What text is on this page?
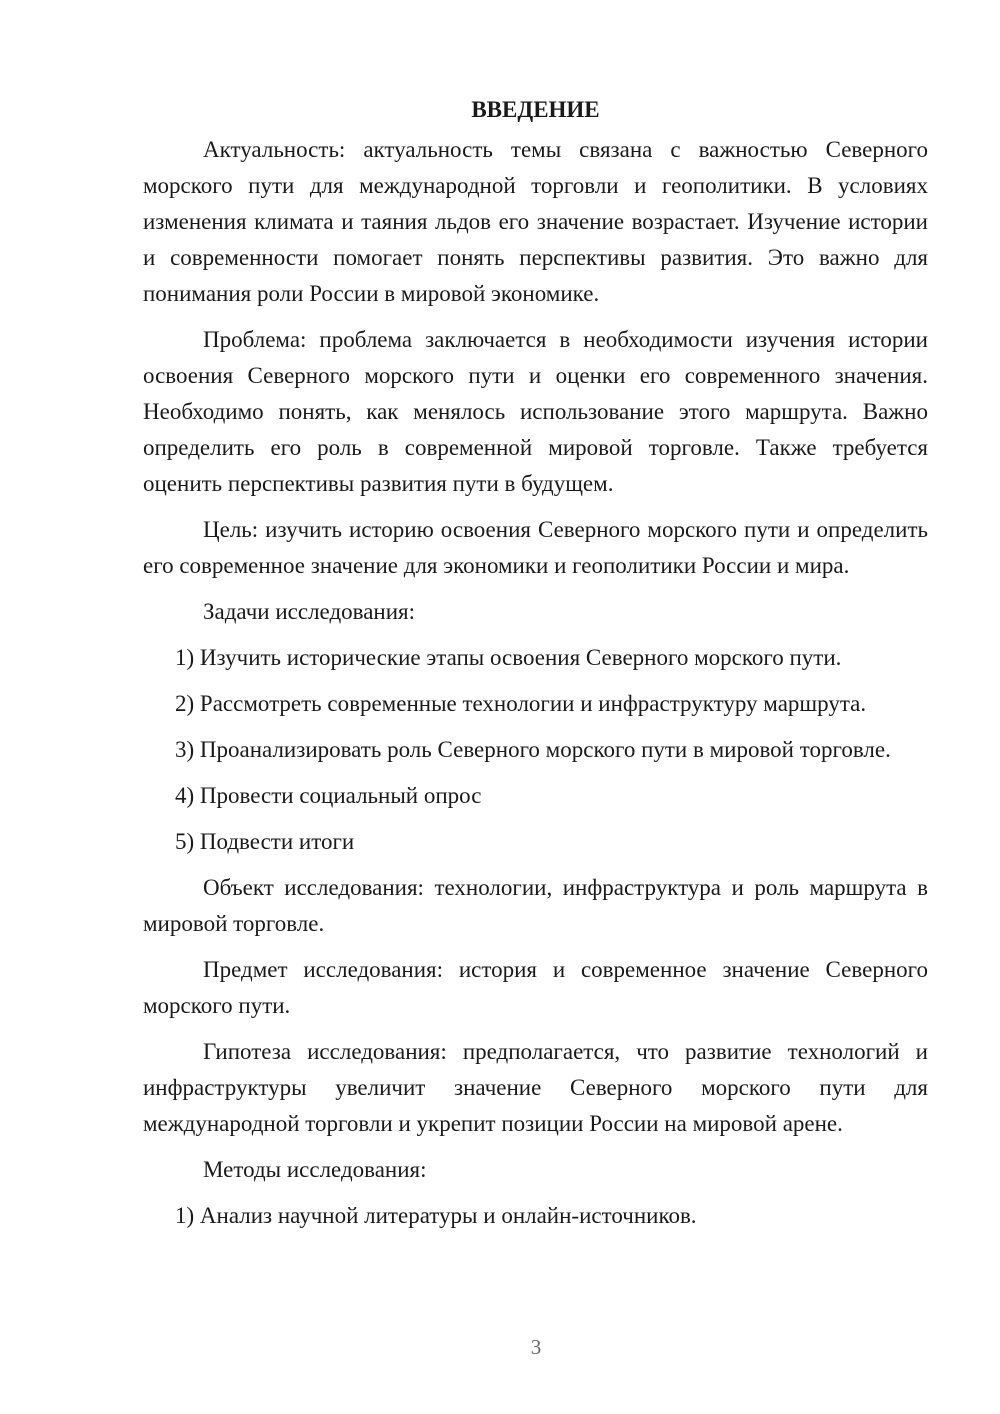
ВВЕДЕНИЕ

Актуальность: актуальность темы связана с важностью Северного морского пути для международной торговли и геополитики. В условиях изменения климата и таяния льдов его значение возрастает. Изучение истории и современности помогает понять перспективы развития. Это важно для понимания роли России в мировой экономике.

Проблема: проблема заключается в необходимости изучения истории освоения Северного морского пути и оценки его современного значения. Необходимо понять, как менялось использование этого маршрута. Важно определить его роль в современной мировой торговле. Также требуется оценить перспективы развития пути в будущем.

Цель: изучить историю освоения Северного морского пути и определить его современное значение для экономики и геополитики России и мира.

Задачи исследования:

1) Изучить исторические этапы освоения Северного морского пути.

2) Рассмотреть современные технологии и инфраструктуру маршрута.

3) Проанализировать роль Северного морского пути в мировой торговле.

4) Провести социальный опрос

5) Подвести итоги

Объект исследования: технологии, инфраструктура и роль маршрута в мировой торговле.

Предмет исследования: история и современное значение Северного морского пути.

Гипотеза исследования: предполагается, что развитие технологий и инфраструктуры увеличит значение Северного морского пути для международной торговли и укрепит позиции России на мировой арене.

Методы исследования:

1) Анализ научной литературы и онлайн-источников.

3
